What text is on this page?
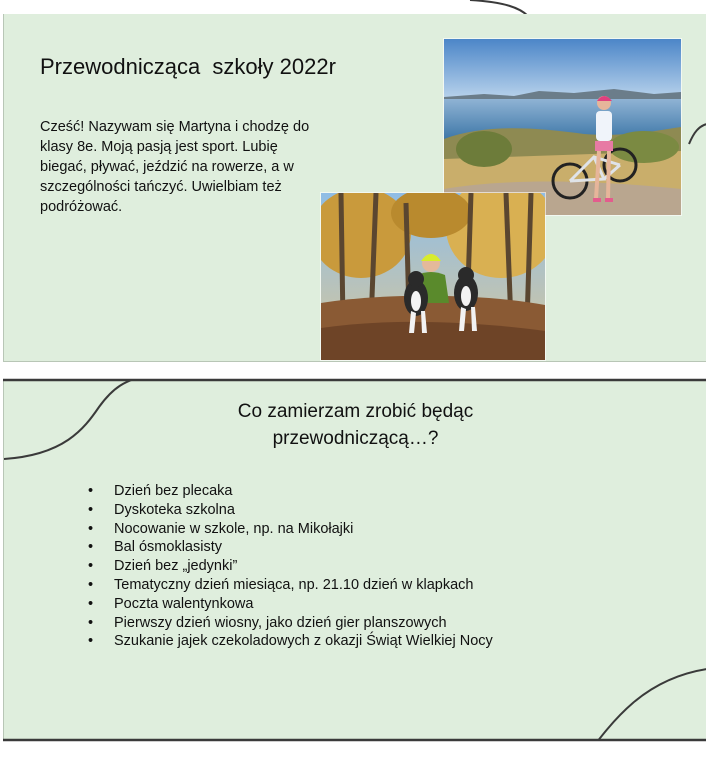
Przewodnicząca  szkoły 2022r
Cześć! Nazywam się Martyna i chodzę do klasy 8e. Moją pasją jest sport. Lubię biegać, pływać, jeździć na rowerze, a w szczególności tańczyć. Uwielbiam też podróżować.
Co zamierzam zrobić będąc
przewodniczącą…?
• Dzień bez plecaka
• Dyskoteka szkolna
• Nocowanie w szkole, np. na Mikołajki
• Bal ósmoklasisty
• Dzień bez „jedynki”
• Tematyczny dzień miesiąca, np. 21.10 dzień w klapkach
• Poczta walentynkowa
• Pierwszy dzień wiosny, jako dzień gier planszowych
• Szukanie jajek czekoladowych z okazji Świąt Wielkiej Nocy
